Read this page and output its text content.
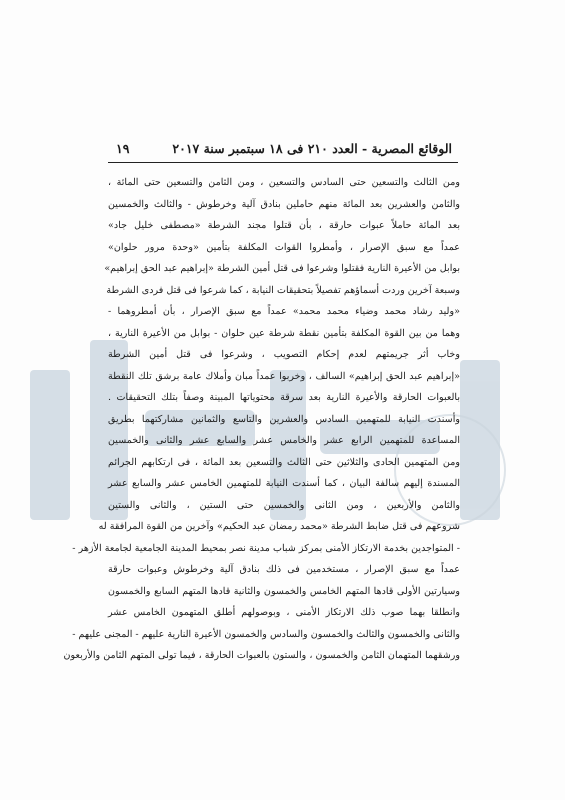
الوقائع المصرية - العدد ٢١٠ فى ١٨ سبتمبر سنة ٢٠١٧
١٩
ومن الثالث والتسعين حتى السادس والتسعين ، ومن الثامن والتسعين حتى المائة ،
والثامن والعشرين بعد المائة منهم حاملين بنادق آلية وخرطوش - والثالث والخمسين
بعد المائة حاملاً عبوات حارقة ، بأن قتلوا مجند الشرطة «مصطفى خليل جاد»
عمداً مع سبق الإصرار ، وأمطروا القوات المكلفة بتأمين «وحدة مرور حلوان»
بوابل من الأعيرة النارية فقتلوا وشرعوا فى قتل أمين الشرطة «إبراهيم عبد الحق إبراهيم»
وسبعة آخرين وردت أسماؤهم تفصيلاً بتحقيقات النيابة ، كما شرعوا فى قتل فردى الشرطة
«وليد رشاد محمد وضياء محمد محمد» عمداً مع سبق الإصرار ، بأن أمطروهما -
وهما من بين القوة المكلفة بتأمين نقطة شرطة عين حلوان - بوابل من الأعيرة النارية ،
وخاب أثر جريمتهم لعدم إحكام التصويب ، وشرعوا فى قتل أمين الشرطة
«إبراهيم عبد الحق إبراهيم» السالف ، وخربوا عمداً مبان وأملاك عامة برشق تلك النقطة
بالعبوات الحارقة والأعيرة النارية بعد سرقة محتوياتها المبينة وصفاً بتلك التحقيقات .
وأسندت النيابة للمتهمين السادس والعشرين والتاسع والثمانين مشاركتهما بطريق
المساعدة للمتهمين الرابع عشر والخامس عشر والسابع عشر والثانى والخمسين
ومن المتهمين الحادى والثلاثين حتى الثالث والتسعين بعد المائة ، فى ارتكابهم الجرائم
المسندة إليهم سالفة البيان ، كما أسندت النيابة للمتهمين الخامس عشر والسابع عشر
والثامن والأربعين ، ومن الثانى والخمسين حتى الستين ، والثانى والستين
شروعهم فى قتل ضابط الشرطة «محمد رمضان عبد الحكيم» وآخرين من القوة المرافقة له
- المتواجدين بخدمة الارتكاز الأمنى بمركز شباب مدينة نصر بمحيط المدينة الجامعية لجامعة الأزهر -
عمداً مع سبق الإصرار ، مستخدمين فى ذلك بنادق آلية وخرطوش وعبوات حارقة
وسيارتين الأولى قادها المتهم الخامس والخمسون والثانية قادها المتهم السابع والخمسون
وانطلقا بهما صوب ذلك الارتكاز الأمنى ، وبوصولهم أطلق المتهمون الخامس عشر
والثانى والخمسون والثالث والخمسون والسادس والخمسون الأعيرة النارية عليهم - المجنى عليهم -
ورشقهما المتهمان الثامن والخمسون ، والستون بالعبوات الحارقة ، فيما تولى المتهم الثامن والأربعون
